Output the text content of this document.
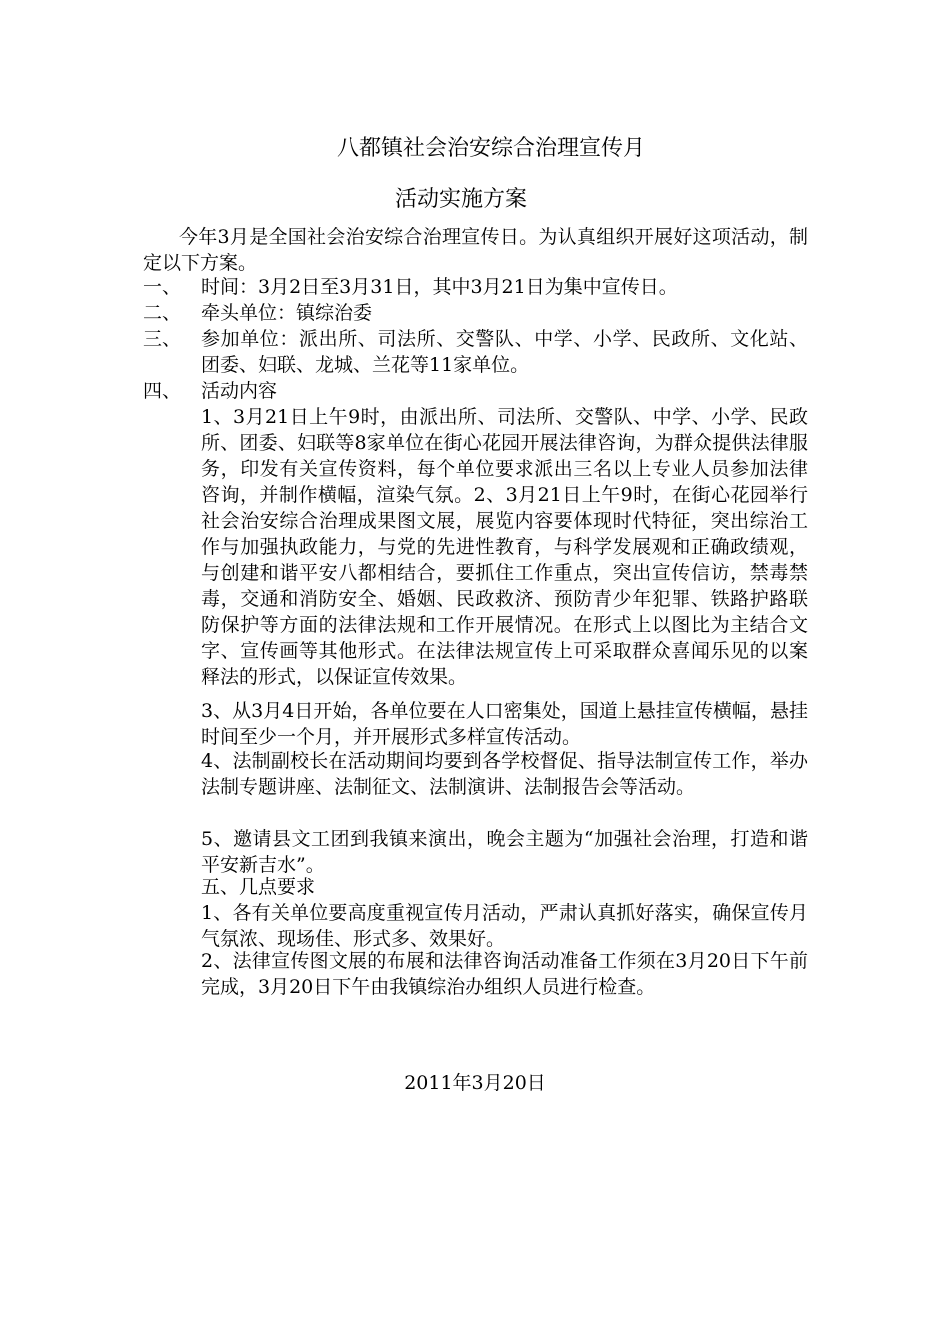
八都镇社会治安综合治理宣传月
活动实施方案
今年3月是全国社会治安综合治理宣传日。为认真组织开展好这项活动，制定以下方案。
一、	时间：3月2日至3月31日，其中3月21日为集中宣传日。
二、	牵头单位：镇综治委
三、	参加单位：派出所、司法所、交警队、中学、小学、民政所、文化站、团委、妇联、龙城、兰花等11家单位。
四、	活动内容
1、3月21日上午9时，由派出所、司法所、交警队、中学、小学、民政所、团委、妇联等8家单位在街心花园开展法律咨询，为群众提供法律服务，印发有关宣传资料，每个单位要求派出三名以上专业人员参加法律咨询，并制作横幅，渲染气氛。2、3月21日上午9时，在街心花园举行社会治安综合治理成果图文展，展览内容要体现时代特征，突出综治工作与加强执政能力，与党的先进性教育，与科学发展观和正确政绩观，与创建和谐平安八都相结合，要抓住工作重点，突出宣传信访，禁毒禁毒，交通和消防安全、婚姻、民政救济、预防青少年犯罪、铁路护路联防保护等方面的法律法规和工作开展情况。在形式上以图比为主结合文字、宣传画等其他形式。在法律法规宣传上可采取群众喜闻乐见的以案释法的形式，以保证宣传效果。
3、从3月4日开始，各单位要在人口密集处，国道上悬挂宣传横幅，悬挂时间至少一个月，并开展形式多样宣传活动。
4、法制副校长在活动期间均要到各学校督促、指导法制宣传工作，举办法制专题讲座、法制征文、法制演讲、法制报告会等活动。
5、邀请县文工团到我镇来演出，晚会主题为“加强社会治理，打造和谐平安新吉水”。
五、几点要求
1、各有关单位要高度重视宣传月活动，严肃认真抓好落实，确保宣传月气氛浓、现场佳、形式多、效果好。
2、法律宣传图文展的布展和法律咨询活动准备工作须在3月20日下午前完成，3月20日下午由我镇综治办组织人员进行检查。
2011年3月20日
